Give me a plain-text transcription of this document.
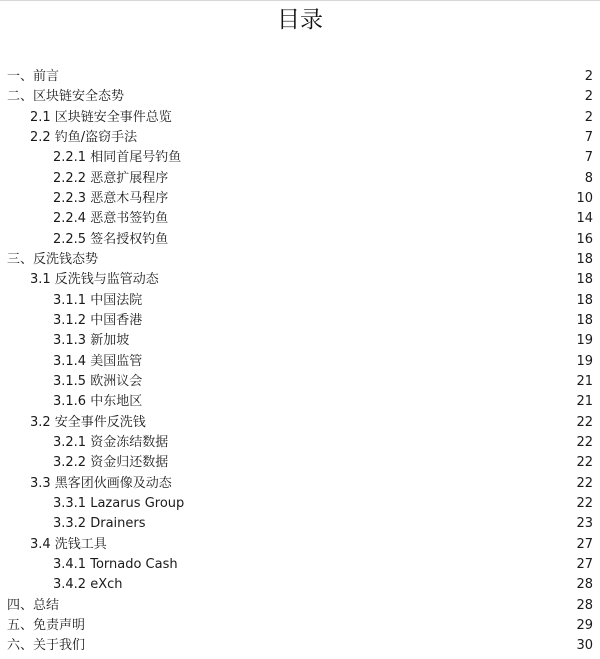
目录
一、前言	2
二、区块链安全态势	2
2.1 区块链安全事件总览	2
2.2 钓鱼/盗窃手法	7
2.2.1 相同首尾号钓鱼	7
2.2.2 恶意扩展程序	8
2.2.3 恶意木马程序	10
2.2.4 恶意书签钓鱼	14
2.2.5 签名授权钓鱼	16
三、反洗钱态势	18
3.1 反洗钱与监管动态	18
3.1.1 中国法院	18
3.1.2 中国香港	18
3.1.3 新加坡	19
3.1.4 美国监管	19
3.1.5 欧洲议会	21
3.1.6 中东地区	21
3.2 安全事件反洗钱	22
3.2.1 资金冻结数据	22
3.2.2 资金归还数据	22
3.3 黑客团伙画像及动态	22
3.3.1 Lazarus Group	22
3.3.2 Drainers	23
3.4 洗钱工具	27
3.4.1 Tornado Cash	27
3.4.2 eXch	28
四、总结	28
五、免责声明	29
六、关于我们	30
